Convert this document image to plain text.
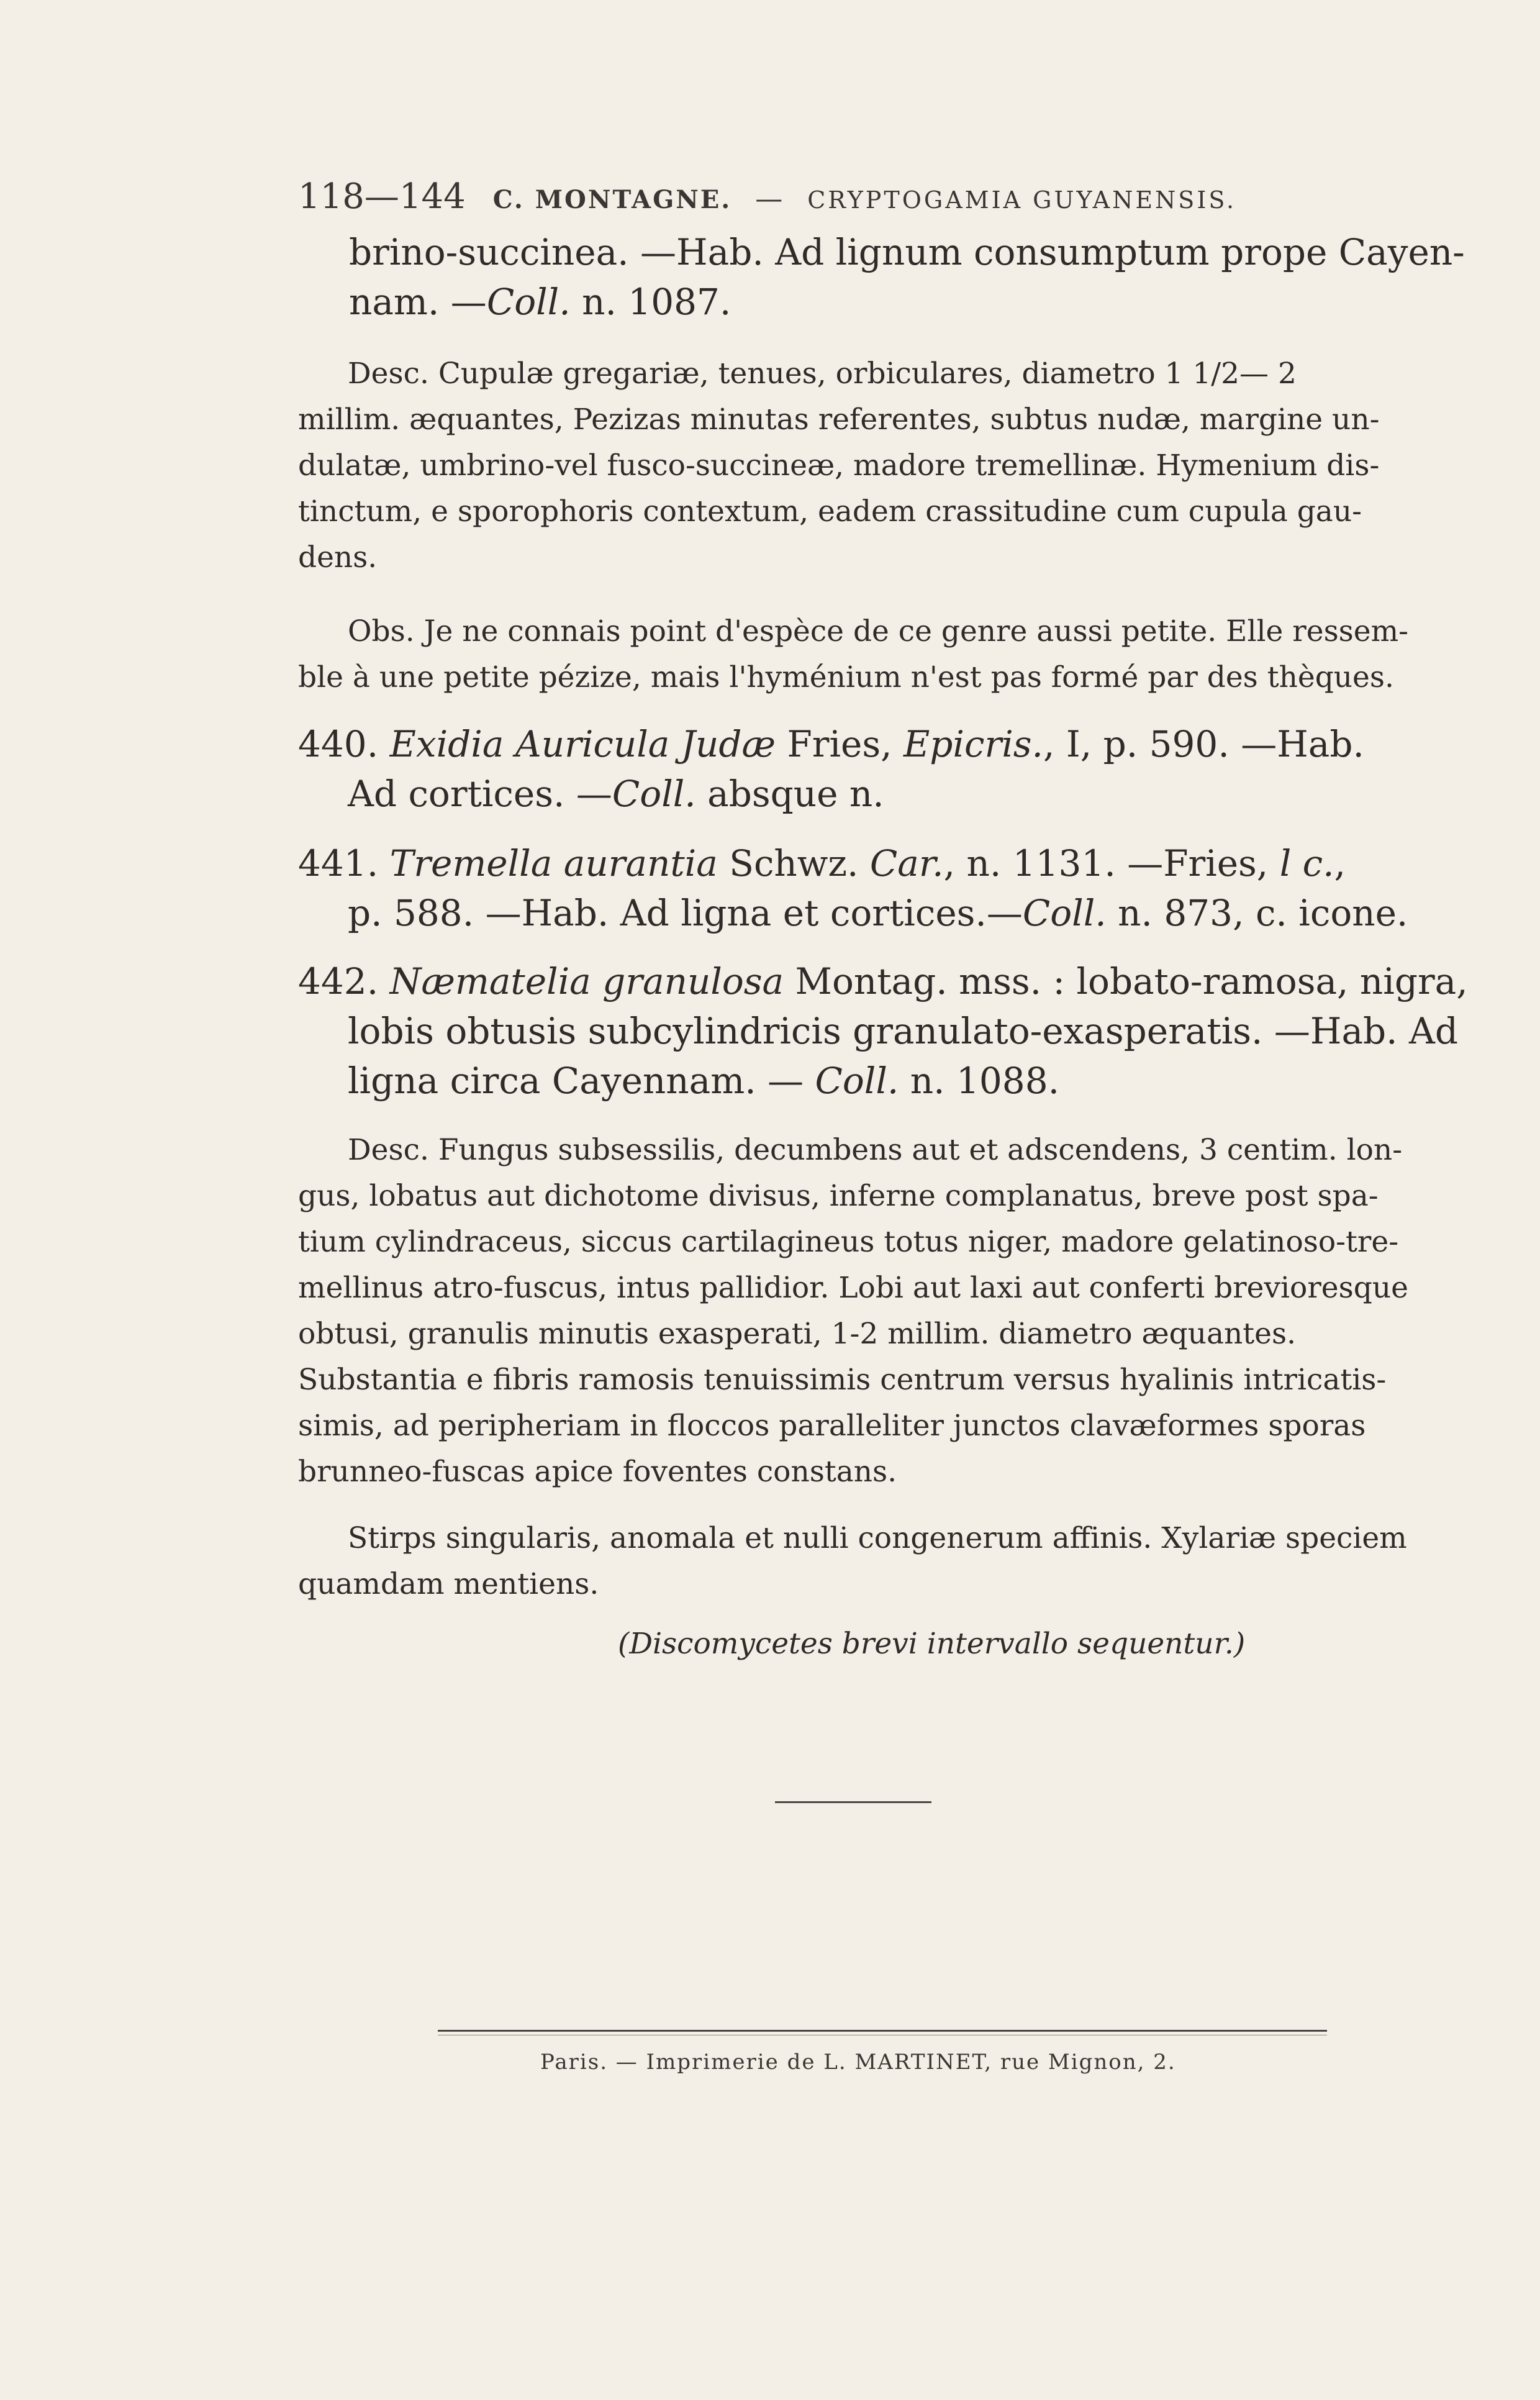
118—144 C. MONTAGNE. — CRYPTOGAMIA GUYANENSIS.
brino-succinea. —Hab. Ad lignum consumptum prope Cayen-
nam. —Coll. n. 1087.
Desc. Cupulæ gregariæ, tenues, orbiculares, diametro 1 1/2— 2
millim. æquantes, Pezizas minutas referentes, subtus nudæ, margine un-
dulatæ, umbrino-vel fusco-succineæ, madore tremellinæ. Hymenium dis-
tinctum, e sporophoris contextum, eadem crassitudine cum cupula gau-
dens.
Obs. Je ne connais point d'espèce de ce genre aussi petite. Elle ressem-
ble à une petite pézize, mais l'hyménium n'est pas formé par des thèques.
440. Exidia Auricula Judæ Fries, Epicris., I, p. 590. —Hab.
Ad cortices. —Coll. absque n.
441. Tremella aurantia Schwz. Car., n. 1131. —Fries, l c.,
p. 588. —Hab. Ad ligna et cortices.—Coll. n. 873, c. icone.
442. Næmatelia granulosa Montag. mss. : lobato-ramosa, nigra,
lobis obtusis subcylindricis granulato-exasperatis. —Hab. Ad
ligna circa Cayennam. — Coll. n. 1088.
Desc. Fungus subsessilis, decumbens aut et adscendens, 3 centim. lon-
gus, lobatus aut dichotome divisus, inferne complanatus, breve post spa-
tium cylindraceus, siccus cartilagineus totus niger, madore gelatinoso-tre-
mellinus atro-fuscus, intus pallidior. Lobi aut laxi aut conferti brevioresque
obtusi, granulis minutis exasperati, 1-2 millim. diametro æquantes.
Substantia e fibris ramosis tenuissimis centrum versus hyalinis intricatis-
simis, ad peripheriam in floccos paralleliter junctos clavæformes sporas
brunneo-fuscas apice foventes constans.
Stirps singularis, anomala et nulli congenerum affinis. Xylariæ speciem
quamdam mentiens.
(Discomycetes brevi intervallo sequentur.)
Paris. — Imprimerie de L. MARTINET, rue Mignon, 2.
